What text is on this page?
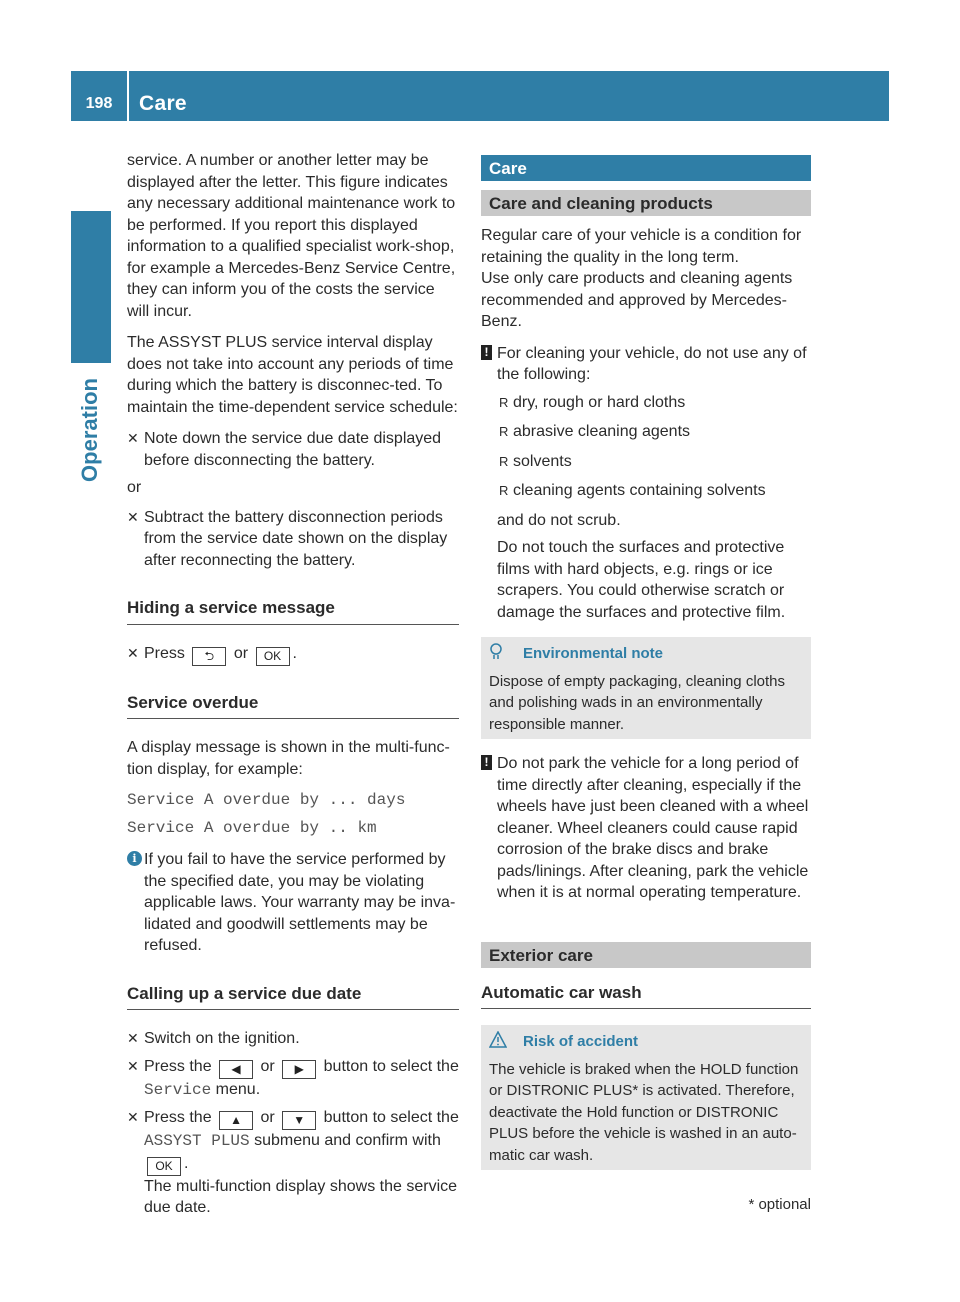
198	Care
Operation

service. A number or another letter may be displayed after the letter. This figure indicates any necessary additional maintenance work to be performed. If you report this displayed information to a qualified specialist work-shop, for example a Mercedes-Benz Service Centre, they can inform you of the costs the service will incur.

The ASSYST PLUS service interval display does not take into account any periods of time during which the battery is disconnec-ted. To maintain the time-dependent service schedule:

✕ Note down the service due date displayed before disconnecting the battery.
or
✕ Subtract the battery disconnection periods from the service date shown on the display after reconnecting the battery.
Hiding a service message
✕ Press ⮌ or OK .
Service overdue

A display message is shown in the multi-func-tion display, for example:

Service A overdue by ... days
Service A overdue by .. km
i If you fail to have the service performed by the specified date, you may be violating applicable laws. Your warranty may be inva-lidated and goodwill settlements may be refused.
Calling up a service due date
✕ Switch on the ignition.
✕ Press the ◀ or ▶ button to select the Service menu.
✕ Press the ▲ or ▼ button to select the ASSYST PLUS submenu and confirm with OK .
The multi-function display shows the service due date.
Care
Care and cleaning products

Regular care of your vehicle is a condition for retaining the quality in the long term.

Use only care products and cleaning agents recommended and approved by Mercedes-Benz.

! For cleaning your vehicle, do not use any of the following:
R dry, rough or hard cloths
R abrasive cleaning agents
R solvents
R cleaning agents containing solvents
and do not scrub.
Do not touch the surfaces and protective films with hard objects, e.g. rings or ice scrapers. You could otherwise scratch or damage the surfaces and protective film.
Environmental note
Dispose of empty packaging, cleaning cloths and polishing wads in an environmentally responsible manner.
! Do not park the vehicle for a long period of time directly after cleaning, especially if the wheels have just been cleaned with a wheel cleaner. Wheel cleaners could cause rapid corrosion of the brake discs and brake pads/linings. After cleaning, park the vehicle when it is at normal operating temperature.
Exterior care
Automatic car wash
Risk of accident
The vehicle is braked when the HOLD function or DISTRONIC PLUS* is activated. Therefore, deactivate the Hold function or DISTRONIC PLUS before the vehicle is washed in an auto-matic car wash.
* optional
